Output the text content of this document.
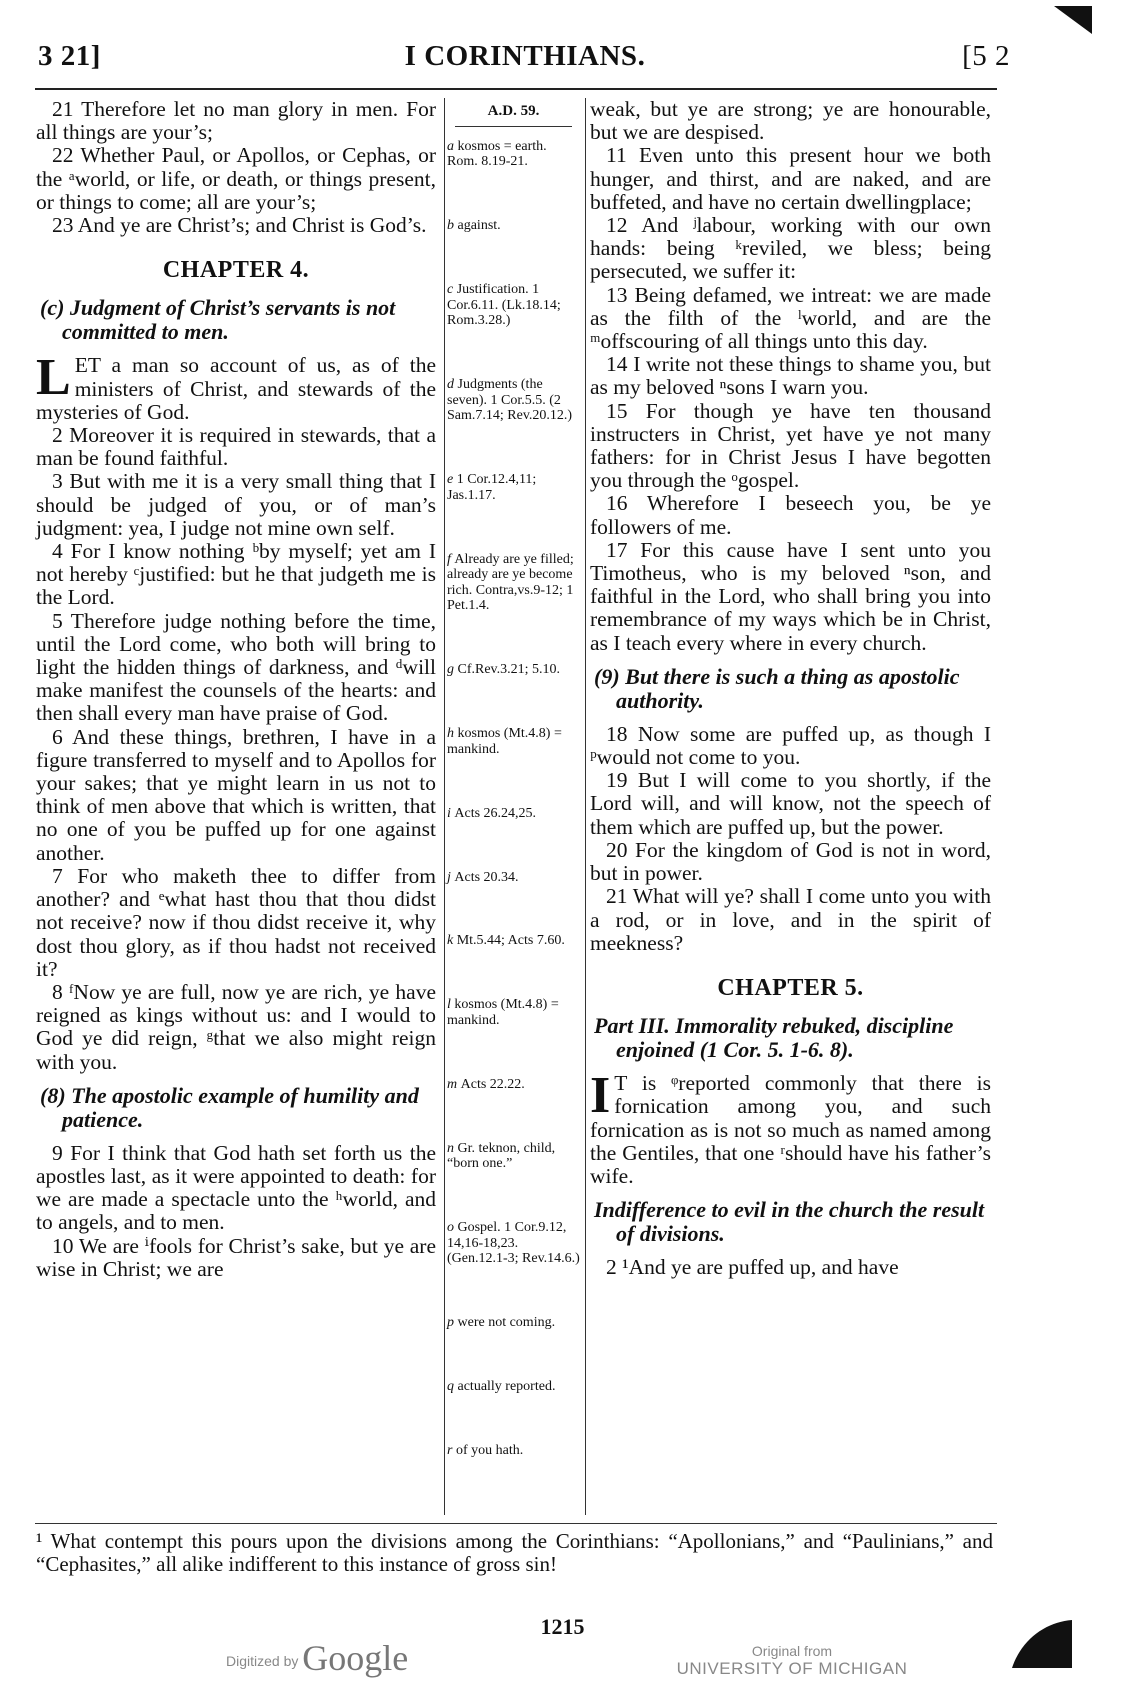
3 21]	I CORINTHIANS.	[5 2

21 Therefore let no man glory in men. For all things are your’s;

22 Whether Paul, or Apollos, or Cephas, or the ᵃworld, or life, or death, or things present, or things to come; all are your’s;

23 And ye are Christ’s; and Christ is God’s.

CHAPTER 4.
(c) Judgment of Christ’s servants is not committed to men.

LET a man so account of us, as of the ministers of Christ, and stewards of the mysteries of God.

2 Moreover it is required in stewards, that a man be found faithful.

3 But with me it is a very small thing that I should be judged of you, or of man’s judgment: yea, I judge not mine own self.

4 For I know nothing ᵇby myself; yet am I not hereby ᶜjustified: but he that judgeth me is the Lord.

5 Therefore judge nothing before the time, until the Lord come, who both will bring to light the hidden things of darkness, and ᵈwill make manifest the counsels of the hearts: and then shall every man have praise of God.

6 And these things, brethren, I have in a figure transferred to myself and to Apollos for your sakes; that ye might learn in us not to think of men above that which is written, that no one of you be puffed up for one against another.

7 For who maketh thee to differ from another? and ᵉwhat hast thou that thou didst not receive? now if thou didst receive it, why dost thou glory, as if thou hadst not received it?

8 ᶠNow ye are full, now ye are rich, ye have reigned as kings without us: and I would to God ye did reign, ᵍthat we also might reign with you.

(8) The apostolic example of humility and patience.

9 For I think that God hath set forth us the apostles last, as it were appointed to death: for we are made a spectacle unto the ʰworld, and to angels, and to men.

10 We are ⁱfools for Christ’s sake, but ye are wise in Christ; we are

A.D. 59.
a kosmos = earth. Rom. 8.19-21.
b against.
c Justification. 1 Cor.6.11. (Lk.18.14; Rom.3.28.)
d Judgments (the seven). 1 Cor.5.5. (2 Sam.7.14; Rev.20.12.)
e 1 Cor.12.4,11; Jas.1.17.
f Already are ye filled; already are ye become rich. Contra,vs.9-12; 1 Pet.1.4.
g Cf.Rev.3.21; 5.10.
h kosmos (Mt.4.8) = mankind.
i Acts 26.24,25.
j Acts 20.34.
k Mt.5.44; Acts 7.60.
l kosmos (Mt.4.8) = mankind.
m Acts 22.22.
n Gr. teknon, child, “born one.”
o Gospel. 1 Cor.9.12, 14,16-18,23. (Gen.12.1-3; Rev.14.6.)
p were not coming.
q actually reported.
r of you hath.

weak, but ye are strong; ye are honourable, but we are despised.

11 Even unto this present hour we both hunger, and thirst, and are naked, and are buffeted, and have no certain dwellingplace;

12 And ʲlabour, working with our own hands: being ᵏreviled, we bless; being persecuted, we suffer it:

13 Being defamed, we intreat: we are made as the filth of the ˡworld, and are the ᵐoffscouring of all things unto this day.

14 I write not these things to shame you, but as my beloved ⁿsons I warn you.

15 For though ye have ten thousand instructers in Christ, yet have ye not many fathers: for in Christ Jesus I have begotten you through the ᵒgospel.

16 Wherefore I beseech you, be ye followers of me.

17 For this cause have I sent unto you Timotheus, who is my beloved ⁿson, and faithful in the Lord, who shall bring you into remembrance of my ways which be in Christ, as I teach every where in every church.

(9) But there is such a thing as apostolic authority.

18 Now some are puffed up, as though I ᵖwould not come to you.

19 But I will come to you shortly, if the Lord will, and will know, not the speech of them which are puffed up, but the power.

20 For the kingdom of God is not in word, but in power.

21 What will ye? shall I come unto you with a rod, or in love, and in the spirit of meekness?

CHAPTER 5.
Part III. Immorality rebuked, discipline enjoined (1 Cor. 5. 1-6. 8).

I T is ᵠreported commonly that there is fornication among you, and such fornication as is not so much as named among the Gentiles, that one ʳshould have his father’s wife.

Indifference to evil in the church the result of divisions.

2 ¹And ye are puffed up, and have

¹ What contempt this pours upon the divisions among the Corinthians: “Apollonians,” and “Paulinians,” and “Cephasites,” all alike indifferent to this instance of gross sin!
1215
Digitized by Google	Original from
UNIVERSITY OF MICHIGAN
